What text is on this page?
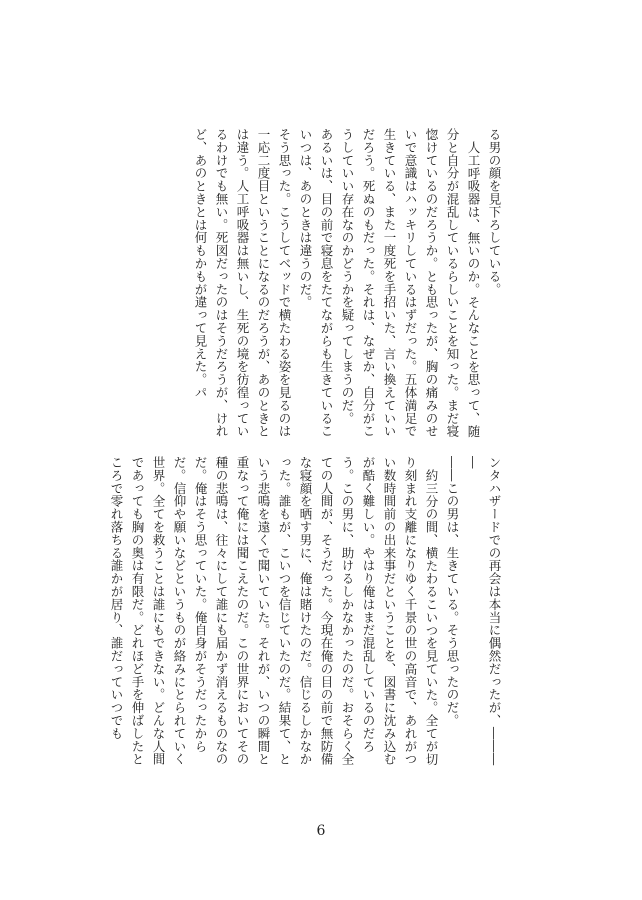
る男の顔を見下ろしている。

人工呼吸器は、無いのか。そんなことを思って、随分と自分が混乱しているらしいことを知った。まだ寝惚けているのだろうか。とも思ったが、胸の痛みのせいで意識はハッキリしているはずだった。五体満足で生きている、また一度死を手招いた、言い換えていいだろう。死ぬのもだった。それは、なぜか、自分がこうしていい存在なのかどうかを疑ってしまうのだ。

あるいは、目の前で寝息をたてながらも生きているこいつは、あのときは違うのだ。

そう思った。こうしてベッドで横たわる姿を見るのは一応二度目ということになるのだろうが、あのときとは違う。人工呼吸器は無いし、生死の境を彷徨っているわけでも無い。死図だったのはそうだろうが、けれど、あのときとは何もかもが違って見えた。パ

ンタハザードでの再会は本当に偶然だったが、――――

――この男は、生きている。そう思ったのだ。

約三分の間、横たわるこいつを見ていた。全てが切り刻まれ支離になりゆく千景の世の高音で、あれがつい数時間前の出来事だということを、図書に沈み込むが酷く難しい。やはり俺はまだ混乱しているのだろう。この男に、助けるしかなかったのだ。おそらく全ての人間が、そうだった。今現在俺の目の前で無防備な寝顔を晒す男に、俺は賭けたのだ。信じるしかなかった。誰もが、こいつを信じていたのだ。結果て、という悲鳴を遠くで聞いていた。それが、いつの瞬間と重なって俺には聞こえたのだ。この世界においてその種の悲鳴は、往々にして誰にも届かず消えるものなのだ。俺はそう思っていた。俺自身がそうだったからだ。信仰や願いなどというものが絡みにとられていく世界。全てを救うことは誰にもできない。どんな人間であっても胸の奥は有限だ。どれほど手を伸ばしたところで零れ落ちる誰かが居り、誰だっていつでも

6
